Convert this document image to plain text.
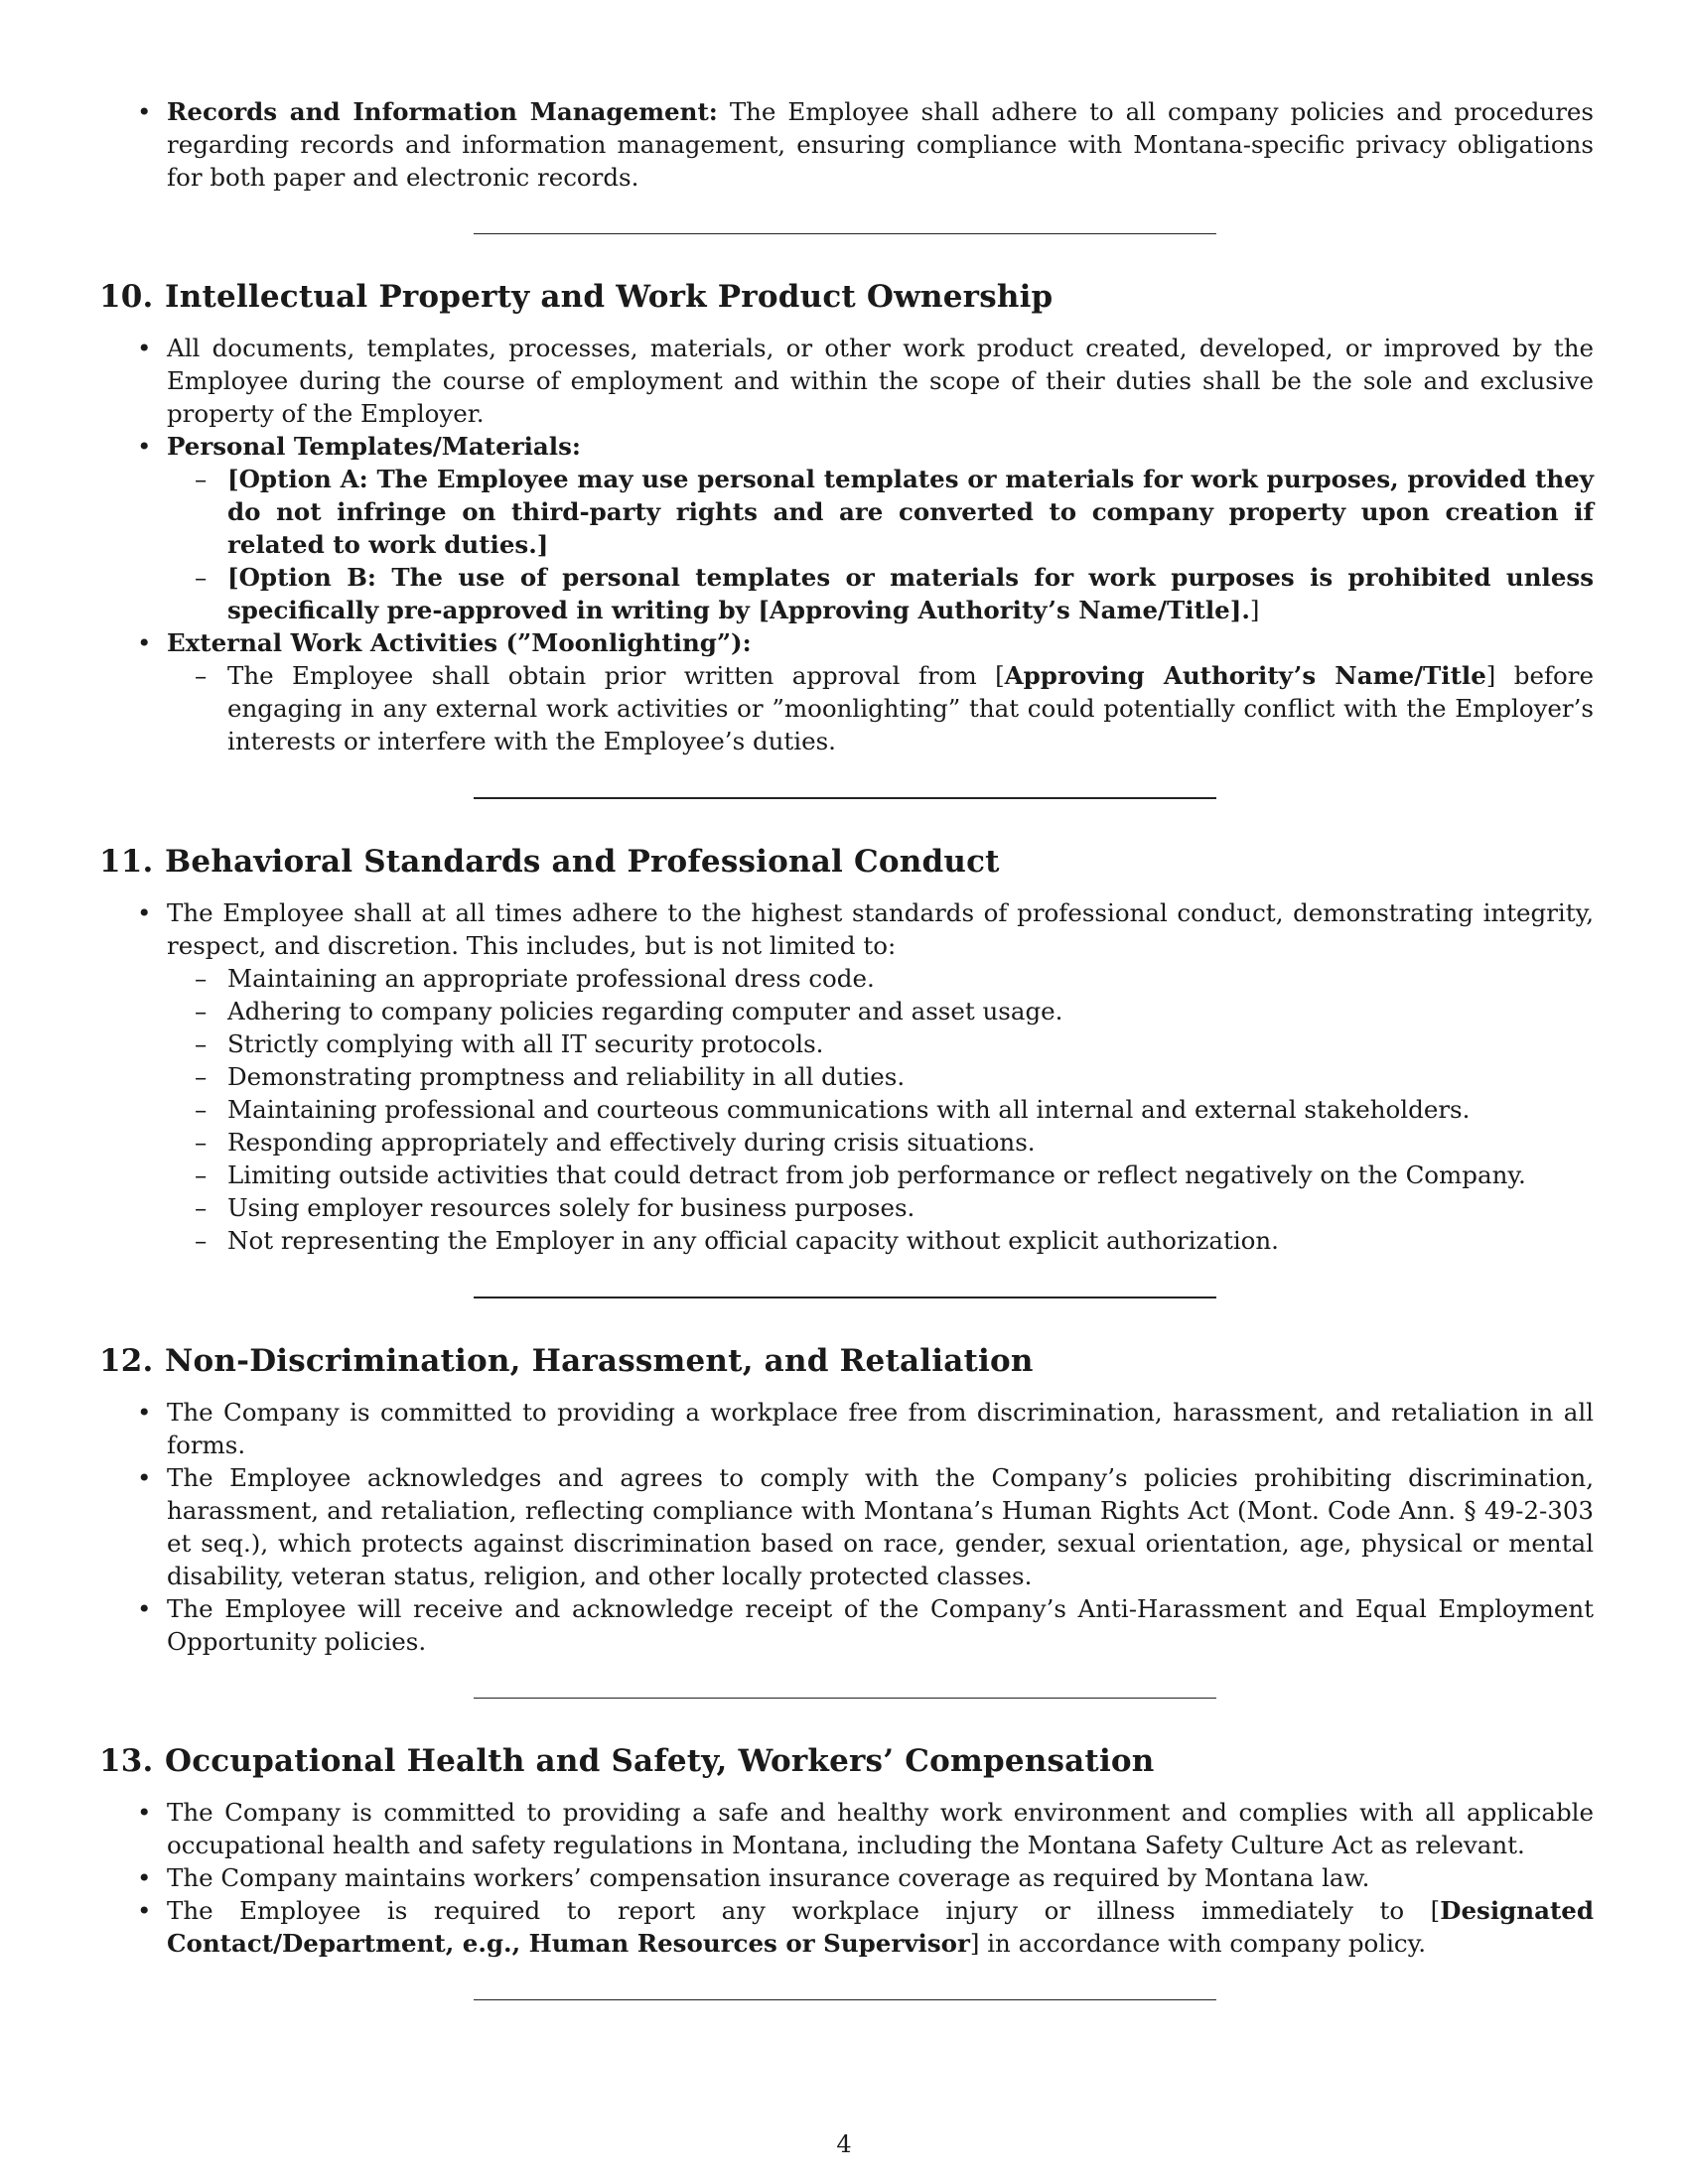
• Records and Information Management: The Employee shall adhere to all company policies and procedures regarding records and information management, ensuring compliance with Montana-specific privacy obligations for both paper and electronic records.
10. Intellectual Property and Work Product Ownership
• All documents, templates, processes, materials, or other work product created, developed, or improved by the Employee during the course of employment and within the scope of their duties shall be the sole and exclusive property of the Employer.
• Personal Templates/Materials:
– [Option A: The Employee may use personal templates or materials for work purposes, provided they do not infringe on third-party rights and are converted to company property upon creation if related to work duties.]
– [Option B: The use of personal templates or materials for work purposes is prohibited unless specifically pre-approved in writing by [Approving Authority’s Name/Title].]
• External Work Activities (”Moonlighting”):
– The Employee shall obtain prior written approval from [Approving Authority’s Name/Title] before engaging in any external work activities or ”moonlighting” that could potentially conflict with the Employer’s interests or interfere with the Employee’s duties.
11. Behavioral Standards and Professional Conduct
• The Employee shall at all times adhere to the highest standards of professional conduct, demonstrating integrity, respect, and discretion. This includes, but is not limited to:
– Maintaining an appropriate professional dress code.
– Adhering to company policies regarding computer and asset usage.
– Strictly complying with all IT security protocols.
– Demonstrating promptness and reliability in all duties.
– Maintaining professional and courteous communications with all internal and external stakeholders.
– Responding appropriately and effectively during crisis situations.
– Limiting outside activities that could detract from job performance or reflect negatively on the Company.
– Using employer resources solely for business purposes.
– Not representing the Employer in any official capacity without explicit authorization.
12. Non-Discrimination, Harassment, and Retaliation
• The Company is committed to providing a workplace free from discrimination, harassment, and retaliation in all forms.
• The Employee acknowledges and agrees to comply with the Company’s policies prohibiting discrimination, harassment, and retaliation, reflecting compliance with Montana’s Human Rights Act (Mont. Code Ann. § 49-2-303 et seq.), which protects against discrimination based on race, gender, sexual orientation, age, physical or mental disability, veteran status, religion, and other locally protected classes.
• The Employee will receive and acknowledge receipt of the Company’s Anti-Harassment and Equal Employment Opportunity policies.
13. Occupational Health and Safety, Workers’ Compensation
• The Company is committed to providing a safe and healthy work environment and complies with all applicable occupational health and safety regulations in Montana, including the Montana Safety Culture Act as relevant.
• The Company maintains workers’ compensation insurance coverage as required by Montana law.
• The Employee is required to report any workplace injury or illness immediately to [Designated Contact/Department, e.g., Human Resources or Supervisor] in accordance with company policy.
4
